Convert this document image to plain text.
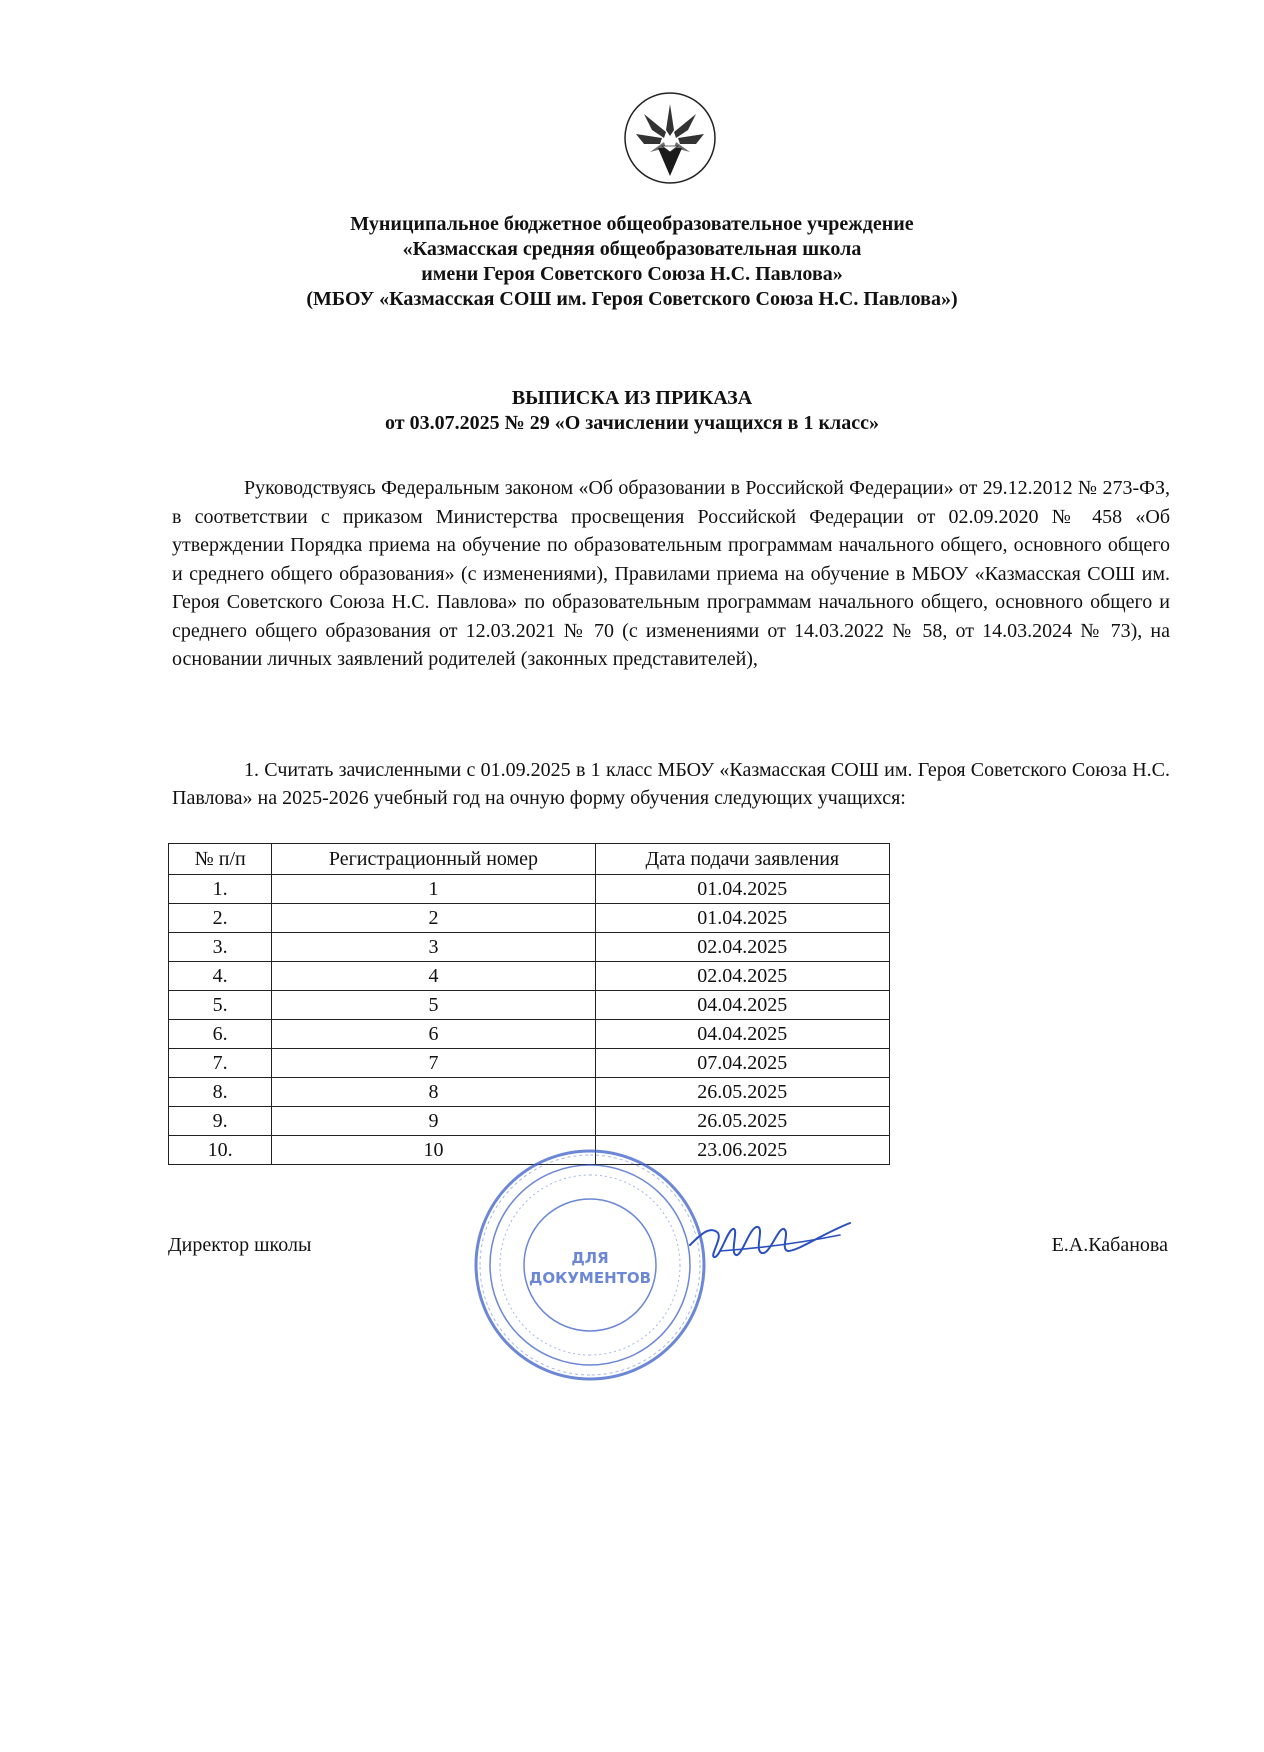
Муниципальное бюджетное общеобразовательное учреждение
«Казмасская средняя общеобразовательная школа
имени Героя Советского Союза Н.С. Павлова»
(МБОУ «Казмасская СОШ им. Героя Советского Союза Н.С. Павлова»)
ВЫПИСКА ИЗ ПРИКАЗА
от 03.07.2025 № 29 «О зачислении учащихся в 1 класс»
Руководствуясь Федеральным законом «Об образовании в Российской Федерации» от 29.12.2012 № 273-ФЗ, в соответствии с приказом Министерства просвещения Российской Федерации от 02.09.2020 № 458 «Об утверждении Порядка приема на обучение по образовательным программам начального общего, основного общего и среднего общего образования» (с изменениями), Правилами приема на обучение в МБОУ «Казмасская СОШ им. Героя Советского Союза Н.С. Павлова» по образовательным программам начального общего, основного общего и среднего общего образования от 12.03.2021 № 70 (с изменениями от 14.03.2022 № 58, от 14.03.2024 № 73), на основании личных заявлений родителей (законных представителей),
1. Считать зачисленными с 01.09.2025 в 1 класс МБОУ «Казмасская СОШ им. Героя Советского Союза Н.С. Павлова» на 2025-2026 учебный год на очную форму обучения следующих учащихся:
№ п/п	Регистрационный номер	Дата подачи заявления
1.	1	01.04.2025
2.	2	01.04.2025
3.	3	02.04.2025
4.	4	02.04.2025
5.	5	04.04.2025
6.	6	04.04.2025
7.	7	07.04.2025
8.	8	26.05.2025
9.	9	26.05.2025
10.	10	23.06.2025
Директор школы	Е.А.Кабанова
ДЛЯ
ДОКУМЕНТОВ
